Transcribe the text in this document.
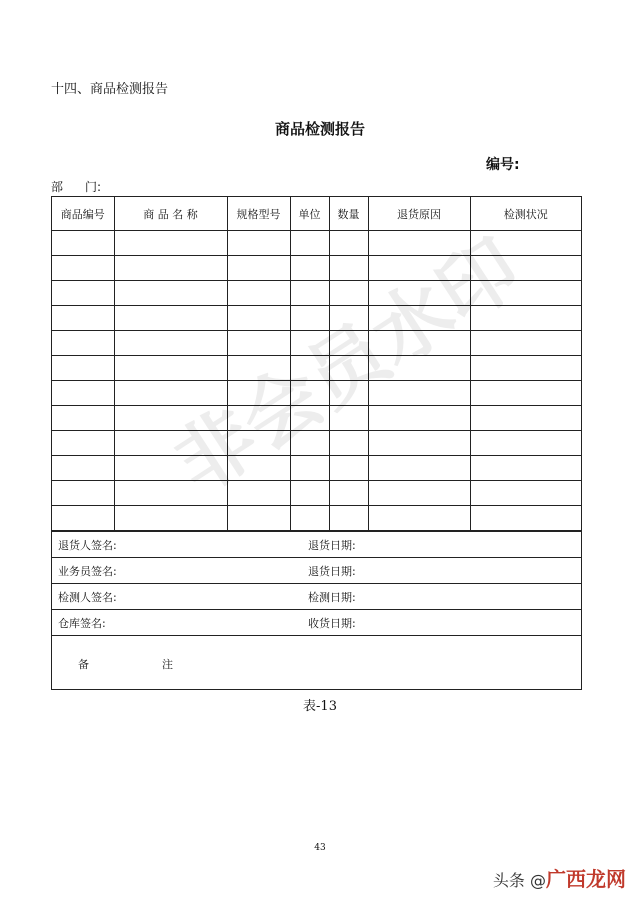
十四、商品检测报告
商品检测报告
编号:
部 门:
商品编号	商 品 名 称	规格型号	单位	数量	退货原因	检测状况

退货人签名:	退货日期:
业务员签名:	退货日期:
检测人签名:	检测日期:
仓库签名:	收货日期:
备	注
表-13
43
非会员水印
头条 @广西龙网
